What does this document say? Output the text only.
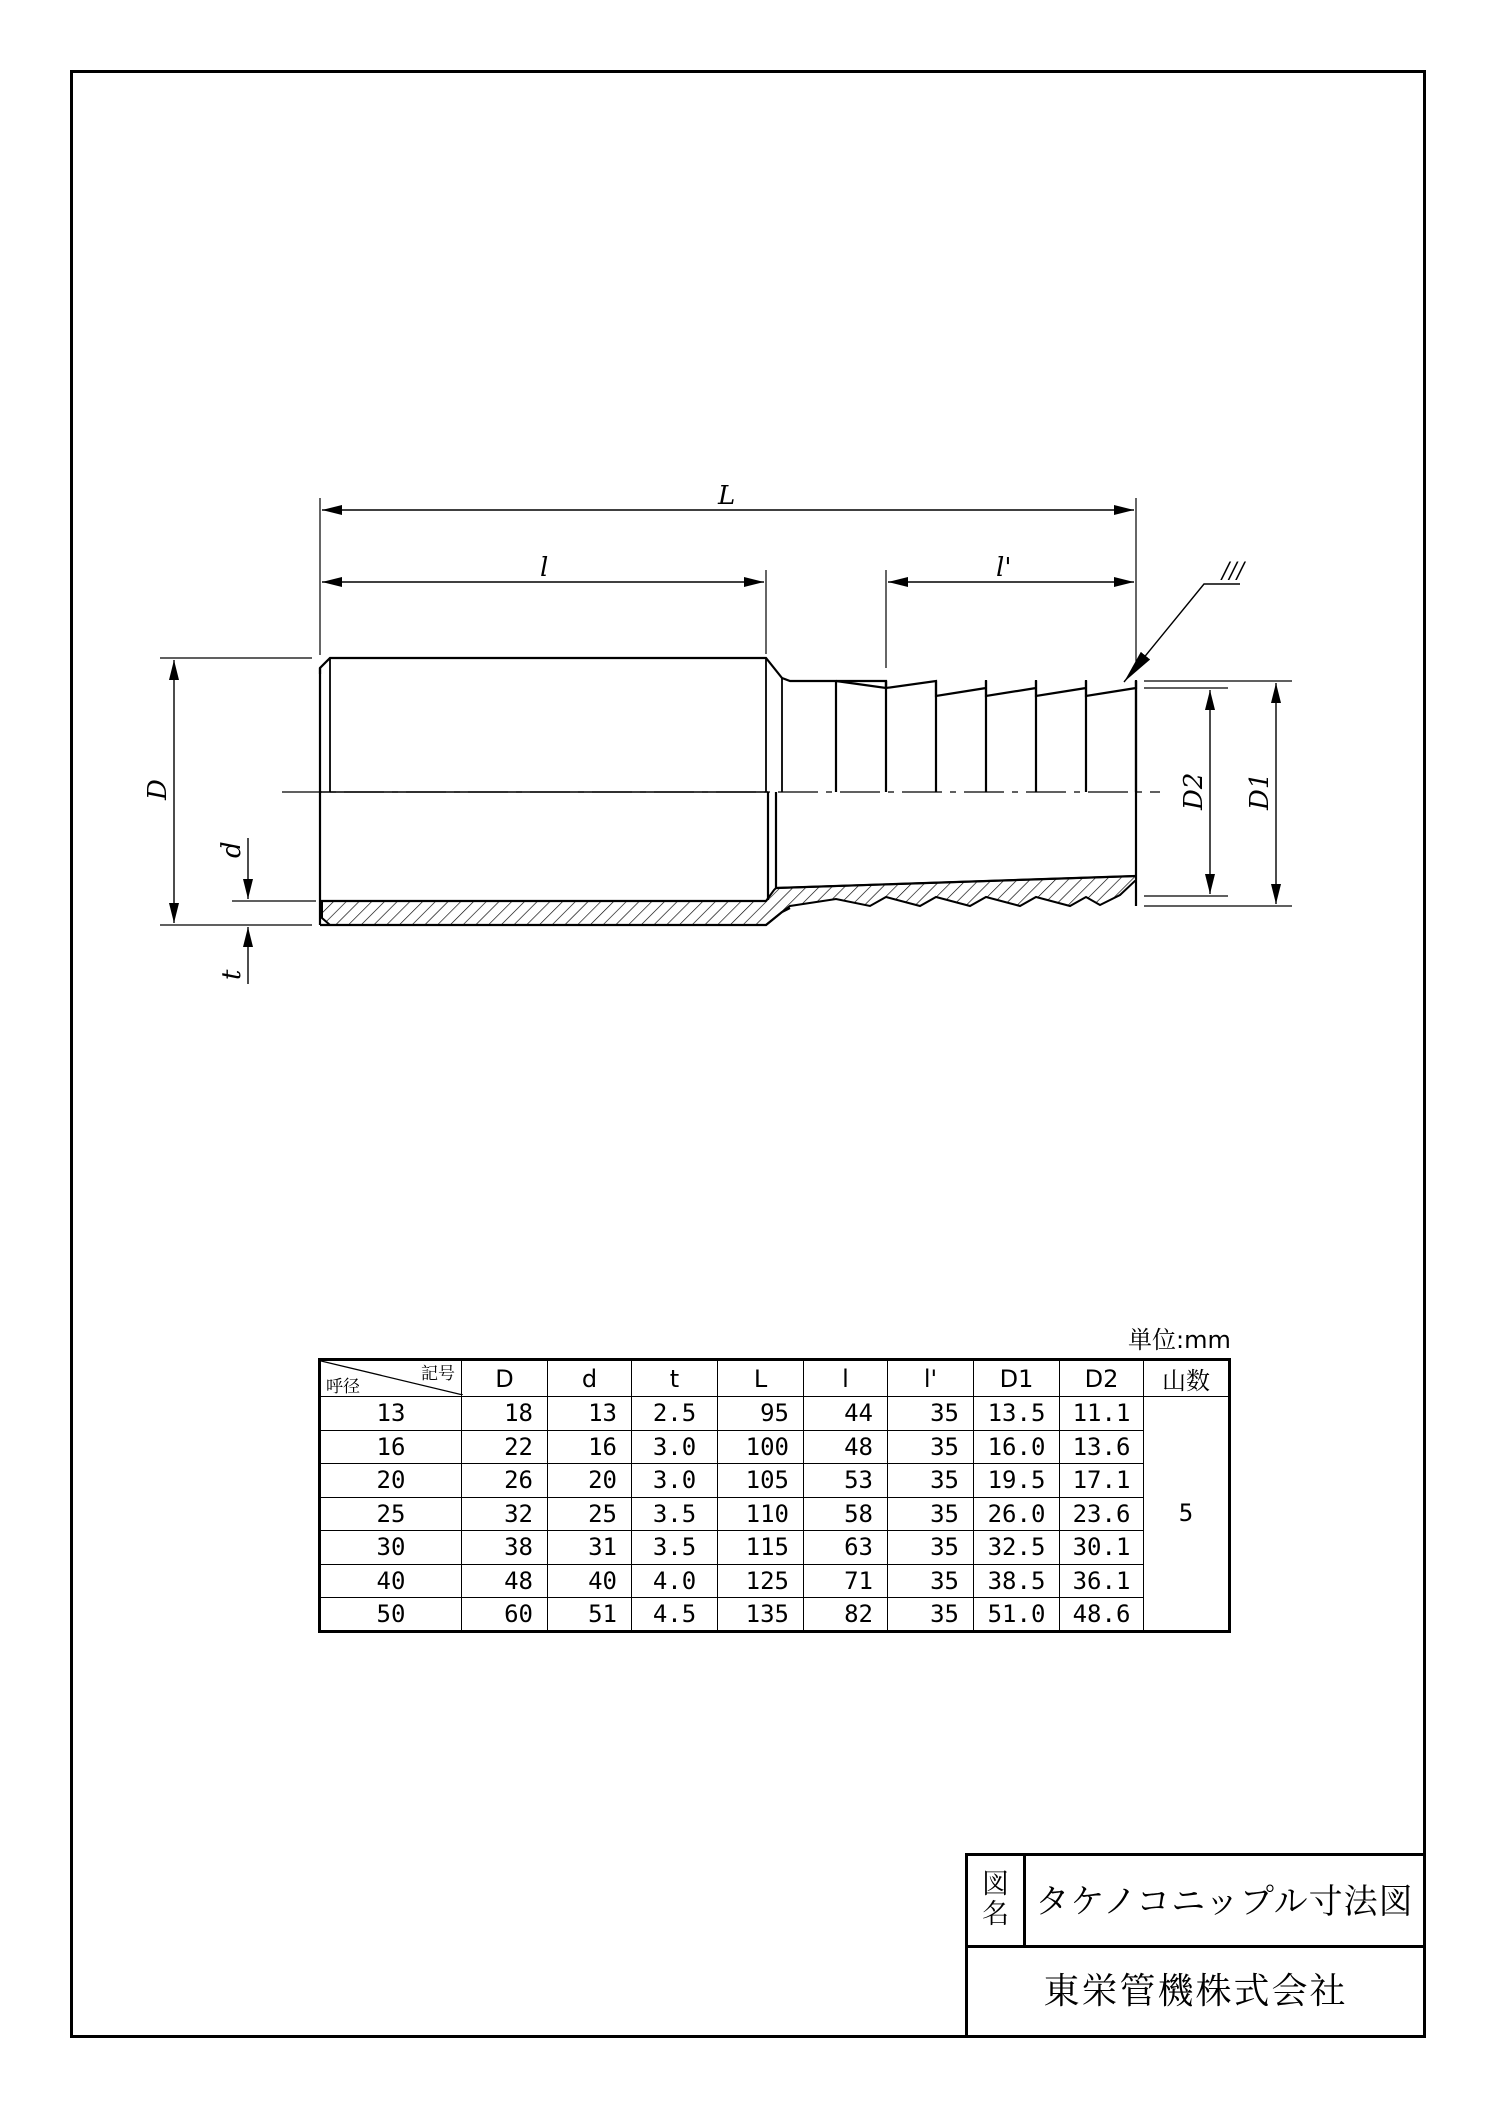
L
l	l'	///
D
d
t
D2 D1
単位:mm
記号
呼径	D	d	t	L	l	l'	D1	D2	山数
13	18	13	2.5	95	44	35	13.5	11.1	5
16	22	16	3.0	100	48	35	16.0	13.6	
20	26	20	3.0	105	53	35	19.5	17.1	
25	32	25	3.5	110	58	35	26.0	23.6	
30	38	31	3.5	115	63	35	32.5	30.1	
40	48	40	4.0	125	71	35	38.5	36.1	
50	60	51	4.5	135	82	35	51.0	48.6	
図
名 タケノコニップル寸法図
東栄管機株式会社
